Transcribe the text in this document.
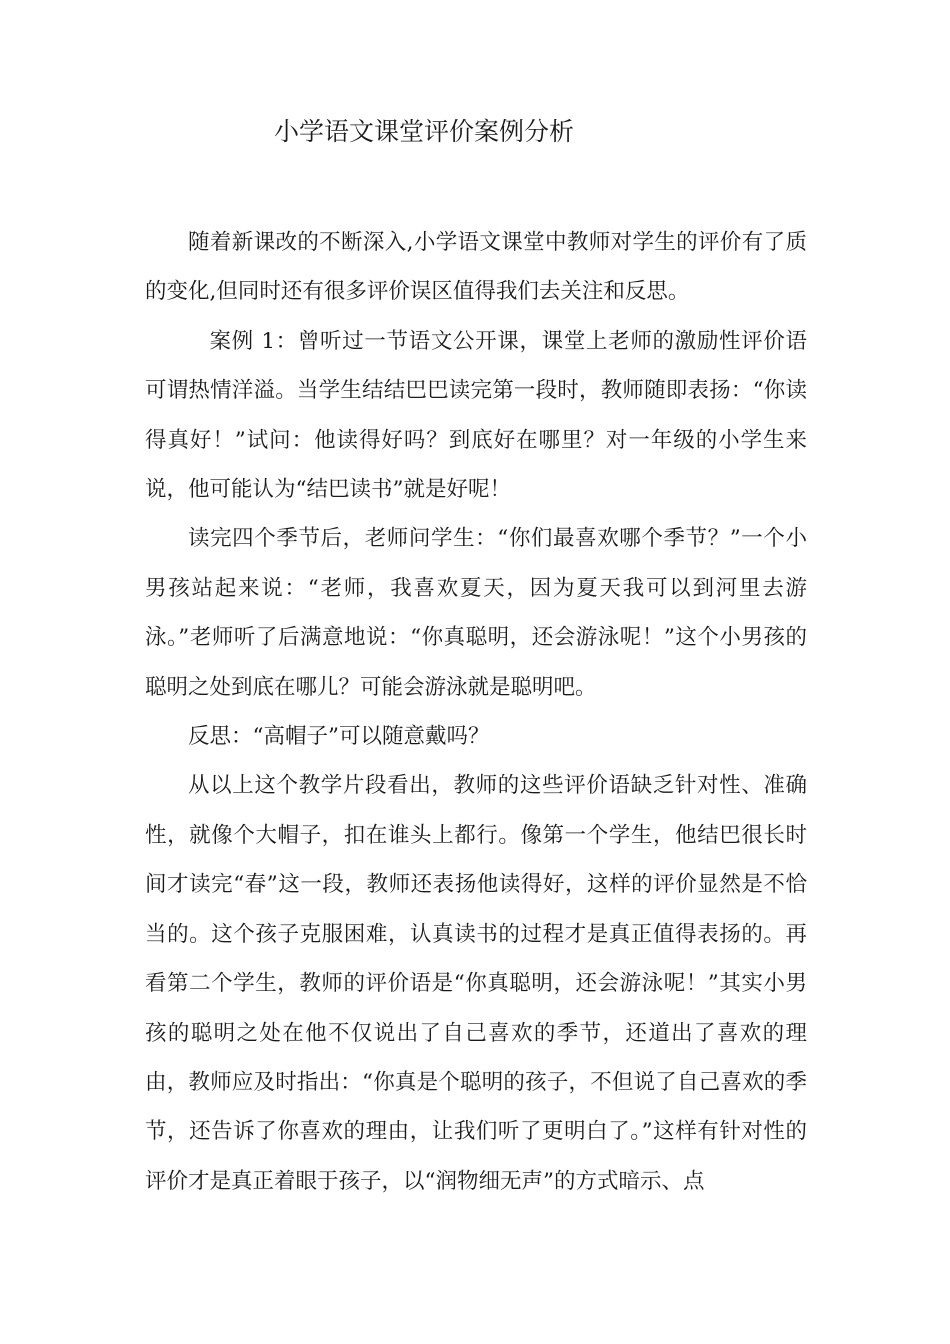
小学语文课堂评价案例分析

随着新课改的不断深入,小学语文课堂中教师对学生的评价有了质的变化,但同时还有很多评价误区值得我们去关注和反思。

案例 1：曾听过一节语文公开课，课堂上老师的激励性评价语可谓热情洋溢。当学生结结巴巴读完第一段时，教师随即表扬：“你读得真好！”试问：他读得好吗？到底好在哪里？对一年级的小学生来说，他可能认为“结巴读书”就是好呢！

读完四个季节后，老师问学生：“你们最喜欢哪个季节？”一个小男孩站起来说：“老师，我喜欢夏天，因为夏天我可以到河里去游泳。”老师听了后满意地说：“你真聪明，还会游泳呢！”这个小男孩的聪明之处到底在哪儿？可能会游泳就是聪明吧。

反思：“高帽子”可以随意戴吗？

从以上这个教学片段看出，教师的这些评价语缺乏针对性、准确性，就像个大帽子，扣在谁头上都行。像第一个学生，他结巴很长时间才读完“春”这一段，教师还表扬他读得好，这样的评价显然是不恰当的。这个孩子克服困难，认真读书的过程才是真正值得表扬的。再看第二个学生，教师的评价语是“你真聪明，还会游泳呢！”其实小男孩的聪明之处在他不仅说出了自己喜欢的季节，还道出了喜欢的理由，教师应及时指出：“你真是个聪明的孩子，不但说了自己喜欢的季节，还告诉了你喜欢的理由，让我们听了更明白了。”这样有针对性的评价才是真正着眼于孩子，以“润物细无声”的方式暗示、点
